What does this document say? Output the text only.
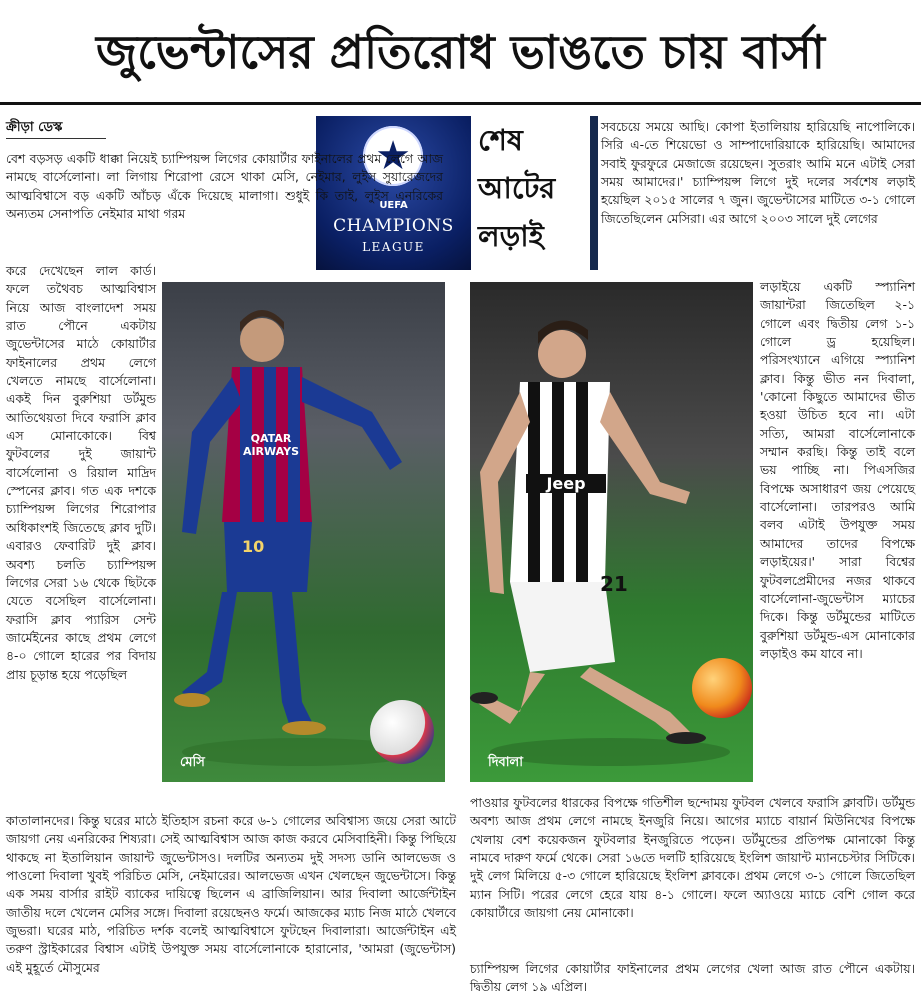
জুভেন্টাসের প্রতিরোধ ভাঙতে চায় বার্সা
ক্রীড়া ডেস্ক
★
UEFA
CHAMPIONS
LEAGUE
শেষ
আটের
লড়াই

বেশ বড়সড় একটি ধাক্কা নিয়েই চ্যাম্পিয়ন্স লিগের কোয়ার্টার ফাইনালের প্রথম লেগে আজ নামছে বার্সেলোনা। লা লিগায় শিরোপা রেসে থাকা মেসি, নেইমার, লুইস সুয়ারেজদের আত্মবিশ্বাসে বড় একটি আঁচড় এঁকে দিয়েছে মালাগা। শুধুই কি তাই, লুইস এনরিকের অন্যতম সেনাপতি নেইমার মাথা গরম

করে দেখেছেন লাল কার্ড। ফলে তথৈবচ আত্মবিশ্বাস নিয়ে আজ বাংলাদেশ সময় রাত পৌনে একটায় জুভেন্টাসের মাঠে কোয়ার্টার ফাইনালের প্রথম লেগে খেলতে নামছে বার্সেলোনা। একই দিন বুরুশিয়া ডর্টমুন্ড আতিথেয়তা দিবে ফরাসি ক্লাব এস মোনাকোকে। বিশ্ব ফুটবলের দুই জায়ান্ট বার্সেলোনা ও রিয়াল মাদ্রিদ স্পেনের ক্লাব। গত এক দশকে চ্যাম্পিয়ন্স লিগের শিরোপার অধিকাংশই জিতেছে ক্লাব দুটি। এবারও ফেবারিট দুই ক্লাব। অবশ্য চলতি চ্যাম্পিয়ন্স লিগের সেরা ১৬ থেকে ছিটকে যেতে বসেছিল বার্সেলোনা। ফরাসি ক্লাব প্যারিস সেন্ট জার্মেইনের কাছে প্রথম লেগে ৪-০ গোলে হারের পর বিদায় প্রায় চূড়ান্ত হয়ে পড়েছিল

কাতালানদের। কিন্তু ঘরের মাঠে ইতিহাস রচনা করে ৬-১ গোলের অবিশ্বাস্য জয়ে সেরা আটে জায়গা নেয় এনরিকের শিষ্যরা। সেই আত্মবিশ্বাস আজ কাজ করবে মেসিবাহিনী। কিন্তু পিছিয়ে থাকছে না ইতালিয়ান জায়ান্ট জুভেন্টাসও। দলটির অন্যতম দুই সদস্য ডানি আলভেজ ও পাওলো দিবালা খুবই পরিচিত মেসি, নেইমারের। আলভেজ এখন খেলছেন জুভেন্টাসে। কিন্তু এক সময় বার্সার রাইট ব্যাকের দায়িত্বে ছিলেন এ ব্রাজিলিয়ান। আর দিবালা আর্জেন্টাইন জাতীয় দলে খেলেন মেসির সঙ্গে। দিবালা রয়েছেনও ফর্মে। আজকের ম্যাচ নিজ মাঠে খেলবে জুভরা। ঘরের মাঠ, পরিচিত দর্শক বলেই আত্মবিশ্বাসে ফুটছেন দিবালারা। আর্জেন্টাইন এই তরুণ স্ট্রাইকারের বিশ্বাস এটাই উপযুক্ত সময় বার্সেলোনাকে হারানোর, 'আমরা (জুভেন্টাস) এই মুহূর্তে মৌসুমের

সবচেয়ে সময়ে আছি। কোপা ইতালিয়ায় হারিয়েছি নাপোলিকে। সিরি এ-তে শিয়েভো ও সাম্পাদোরিয়াকে হারিয়েছি। আমাদের সবাই ফুরফুরে মেজাজে রয়েছেন। সুতরাং আমি মনে এটাই সেরা সময় আমাদের।' চ্যাম্পিয়ন্স লিগে দুই দলের সর্বশেষ লড়াই হয়েছিল ২০১৫ সালের ৭ জুন। জুভেন্টাসের মাটিতে ৩-১ গোলে জিতেছিলেন মেসিরা। এর আগে ২০০৩ সালে দুই লেগের

লড়াইয়ে একটি স্প্যানিশ জায়ান্টরা জিতেছিল ২-১ গোলে এবং দ্বিতীয় লেগ ১-১ গোলে ড্র হয়েছিল। পরিসংখ্যানে এগিয়ে স্প্যানিশ ক্লাব। কিন্তু ভীত নন দিবালা, 'কোনো কিছুতে আমাদের ভীত হওয়া উচিত হবে না। এটা সত্যি, আমরা বার্সেলোনাকে সম্মান করছি। কিন্তু তাই বলে ভয় পাচ্ছি না। পিএসজির বিপক্ষে অসাধারণ জয় পেয়েছে বার্সেলোনা। তারপরও আমি বলব এটাই উপযুক্ত সময় আমাদের তাদের বিপক্ষে লড়াইয়ের।' সারা বিশ্বের ফুটবলপ্রেমীদের নজর থাকবে বার্সেলোনা-জুভেন্টাস ম্যাচের দিকে। কিন্তু ডর্টমুন্ডের মাটিতে বুরুশিয়া ডর্টমুন্ড-এস মোনাকোর লড়াইও কম যাবে না।

পাওয়ার ফুটবলের ধারকের বিপক্ষে গতিশীল ছন্দোময় ফুটবল খেলবে ফরাসি ক্লাবটি। ডর্টমুন্ড অবশ্য আজ প্রথম লেগে নামছে ইনজুরি নিয়ে। আগের ম্যাচে বায়ার্ন মিউনিখের বিপক্ষে খেলায় বেশ কয়েকজন ফুটবলার ইনজুরিতে পড়েন। ডর্টমুন্ডের প্রতিপক্ষ মোনাকো কিন্তু নামবে দারুণ ফর্মে থেকে। সেরা ১৬তে দলটি হারিয়েছে ইংলিশ জায়ান্ট ম্যানচেস্টার সিটিকে। দুই লেগ মিলিয়ে ৫-৩ গোলে হারিয়েছে ইংলিশ ক্লাবকে। প্রথম লেগে ৩-১ গোলে জিতেছিল ম্যান সিটি। পরের লেগে হেরে যায় ৪-১ গোলে। ফলে অ্যাওয়ে ম্যাচে বেশি গোল করে কোয়ার্টারে জায়গা নেয় মোনাকো।

চ্যাম্পিয়ন্স লিগের কোয়ার্টার ফাইনালের প্রথম লেগের খেলা আজ রাত পৌনে একটায়। দ্বিতীয় লেগ ১৯ এপ্রিল।

QATAR AIRWAYS
10
মেসি
Jeep
21
দিবালা
